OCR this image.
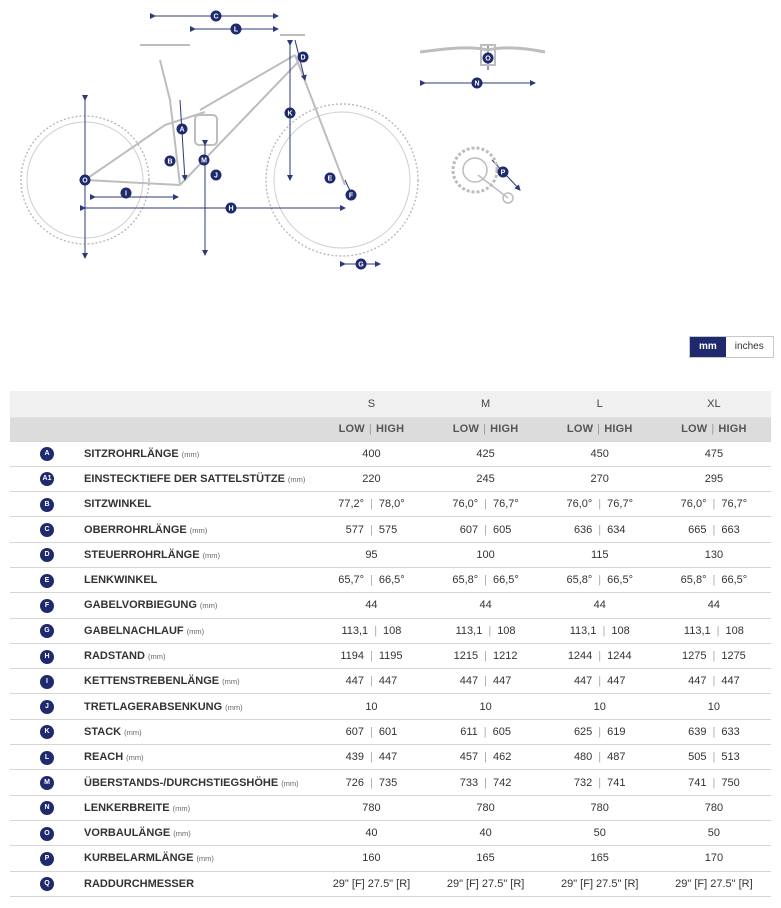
C
L
D
K
A
B	M
J
O
I
H
E
F
G
O
N
P
mm	inches
		S	M	L	XL
		LOW | HIGH	LOW | HIGH	LOW | HIGH	LOW | HIGH
A	SITZROHRLÄNGE (mm)	400	425	450	475
A1	EINSTECKTIEFE DER SATTELSTÜTZE (mm)	220	245	270	295
B	SITZWINKEL	77,2° | 78,0°	76,0° | 76,7°	76,0° | 76,7°	76,0° | 76,7°
C	OBERROHRLÄNGE (mm)	577 | 575	607 | 605	636 | 634	665 | 663
D	STEUERROHRLÄNGE (mm)	95	100	115	130
E	LENKWINKEL	65,7° | 66,5°	65,8° | 66,5°	65,8° | 66,5°	65,8° | 66,5°
F	GABELVORBIEGUNG (mm)	44	44	44	44
G	GABELNACHLAUF (mm)	113,1 | 108	113,1 | 108	113,1 | 108	113,1 | 108
H	RADSTAND (mm)	1194 | 1195	1215 | 1212	1244 | 1244	1275 | 1275
I	KETTENSTREBENLÄNGE (mm)	447 | 447	447 | 447	447 | 447	447 | 447
J	TRETLAGERABSENKUNG (mm)	10	10	10	10
K	STACK (mm)	607 | 601	611 | 605	625 | 619	639 | 633
L	REACH (mm)	439 | 447	457 | 462	480 | 487	505 | 513
M	ÜBERSTANDS-/DURCHSTIEGSHÖHE (mm)	726 | 735	733 | 742	732 | 741	741 | 750
N	LENKERBREITE (mm)	780	780	780	780
O	VORBAULÄNGE (mm)	40	40	50	50
P	KURBELARMLÄNGE (mm)	160	165	165	170
Q	RADDURCHMESSER	29" [F] 27.5" [R]	29" [F] 27.5" [R]	29" [F] 27.5" [R]	29" [F] 27.5" [R]
